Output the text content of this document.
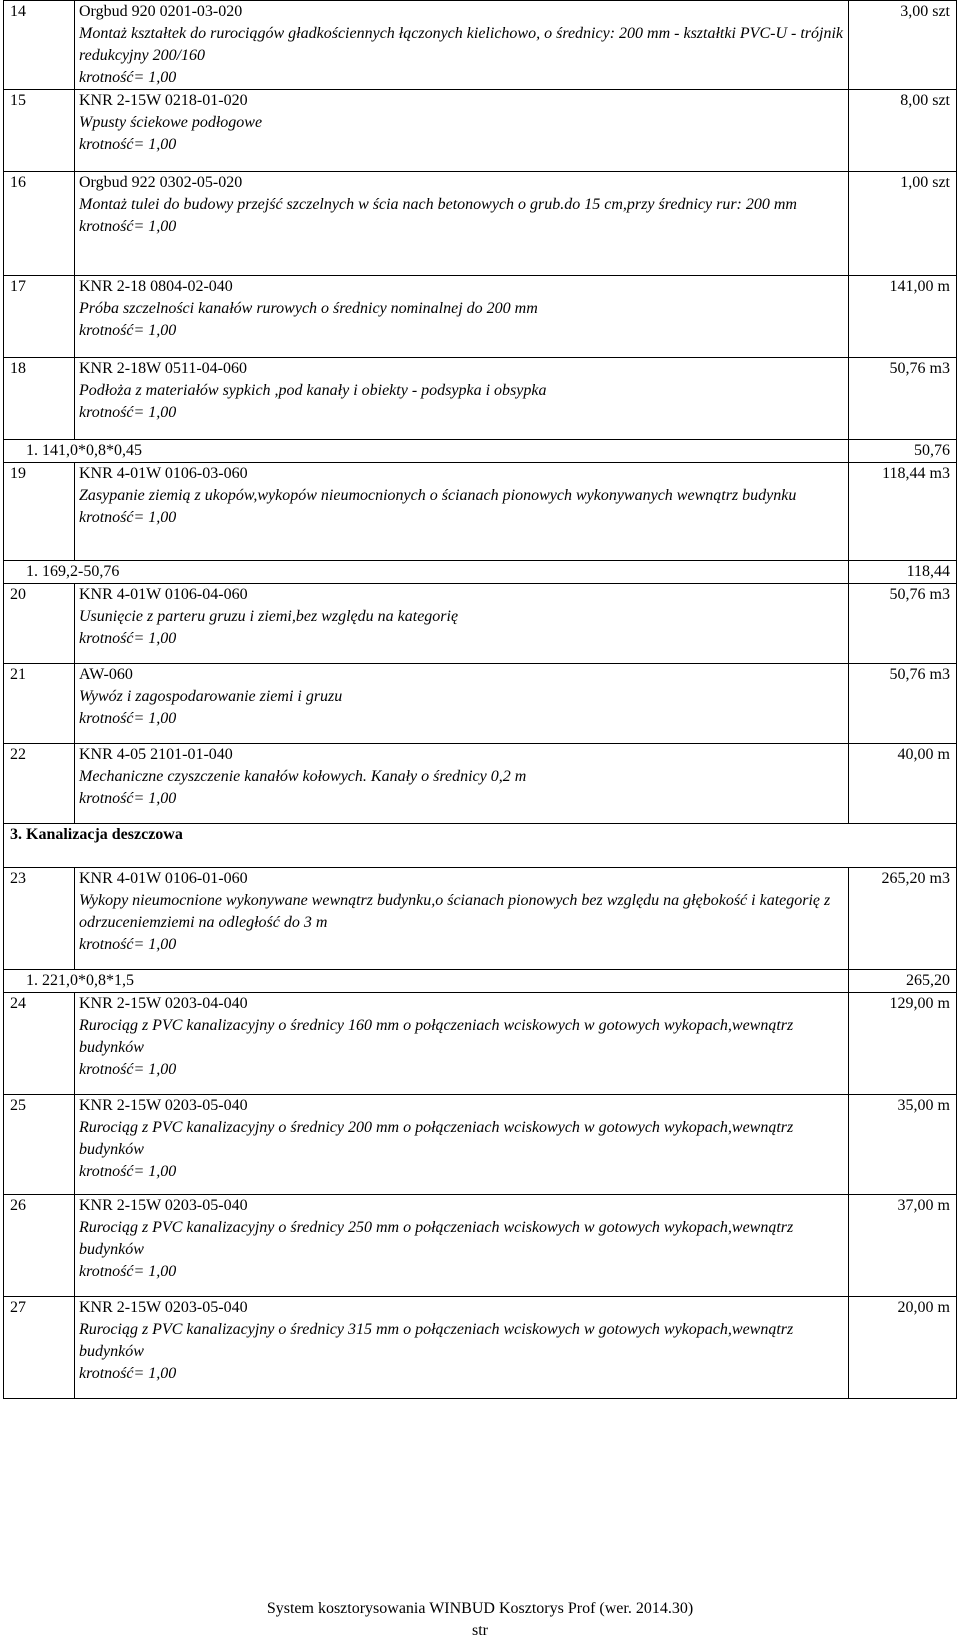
14	Orgbud 920 0201-03-020
Montaż kształtek do rurociągów gładkościennych łączonych kielichowo, o średnicy: 200 mm - kształtki PVC-U - trójnik redukcyjny 200/160
krotność= 1,00	3,00 szt
15	KNR 2-15W 0218-01-020
Wpusty ściekowe podłogowe
krotność= 1,00	8,00 szt
16	Orgbud 922 0302-05-020
Montaż tulei do budowy przejść szczelnych w ścia nach betonowych o grub.do 15 cm,przy średnicy rur: 200 mm
krotność= 1,00	1,00 szt
17	KNR 2-18 0804-02-040
Próba szczelności kanałów rurowych o średnicy nominalnej do 200 mm
krotność= 1,00	141,00 m
18	KNR 2-18W 0511-04-060
Podłoża z materiałów sypkich ,pod kanały i obiekty - podsypka i obsypka
krotność= 1,00	50,76 m3
1. 141,0*0,8*0,45		50,76
19	KNR 4-01W 0106-03-060
Zasypanie ziemią z ukopów,wykopów nieumocnionych o ścianach pionowych wykonywanych wewnątrz budynku
krotność= 1,00	118,44 m3
1. 169,2-50,76		118,44
20	KNR 4-01W 0106-04-060
Usunięcie z parteru gruzu i ziemi,bez względu na kategorię
krotność= 1,00	50,76 m3
21	AW-060
Wywóz i zagospodarowanie ziemi i gruzu
krotność= 1,00	50,76 m3
22	KNR 4-05 2101-01-040
Mechaniczne czyszczenie kanałów kołowych. Kanały o średnicy 0,2 m
krotność= 1,00	40,00 m
3. Kanalizacja deszczowa		
23	KNR 4-01W 0106-01-060
Wykopy nieumocnione wykonywane wewnątrz budynku,o ścianach pionowych bez względu na głębokość i kategorię z odrzuceniemziemi na odległość do 3 m
krotność= 1,00	265,20 m3
1. 221,0*0,8*1,5		265,20
24	KNR 2-15W 0203-04-040
Rurociąg z PVC kanalizacyjny o średnicy 160 mm o połączeniach wciskowych w gotowych wykopach,wewnątrz budynków
krotność= 1,00	129,00 m
25	KNR 2-15W 0203-05-040
Rurociąg z PVC kanalizacyjny o średnicy 200 mm o połączeniach wciskowych w gotowych wykopach,wewnątrz budynków
krotność= 1,00	35,00 m
26	KNR 2-15W 0203-05-040
Rurociąg z PVC kanalizacyjny o średnicy 250 mm o połączeniach wciskowych w gotowych wykopach,wewnątrz budynków
krotność= 1,00	37,00 m
27	KNR 2-15W 0203-05-040
Rurociąg z PVC kanalizacyjny o średnicy 315 mm o połączeniach wciskowych w gotowych wykopach,wewnątrz budynków
krotność= 1,00	20,00 m
System kosztorysowania WINBUD Kosztorys Prof (wer. 2014.30)
str
